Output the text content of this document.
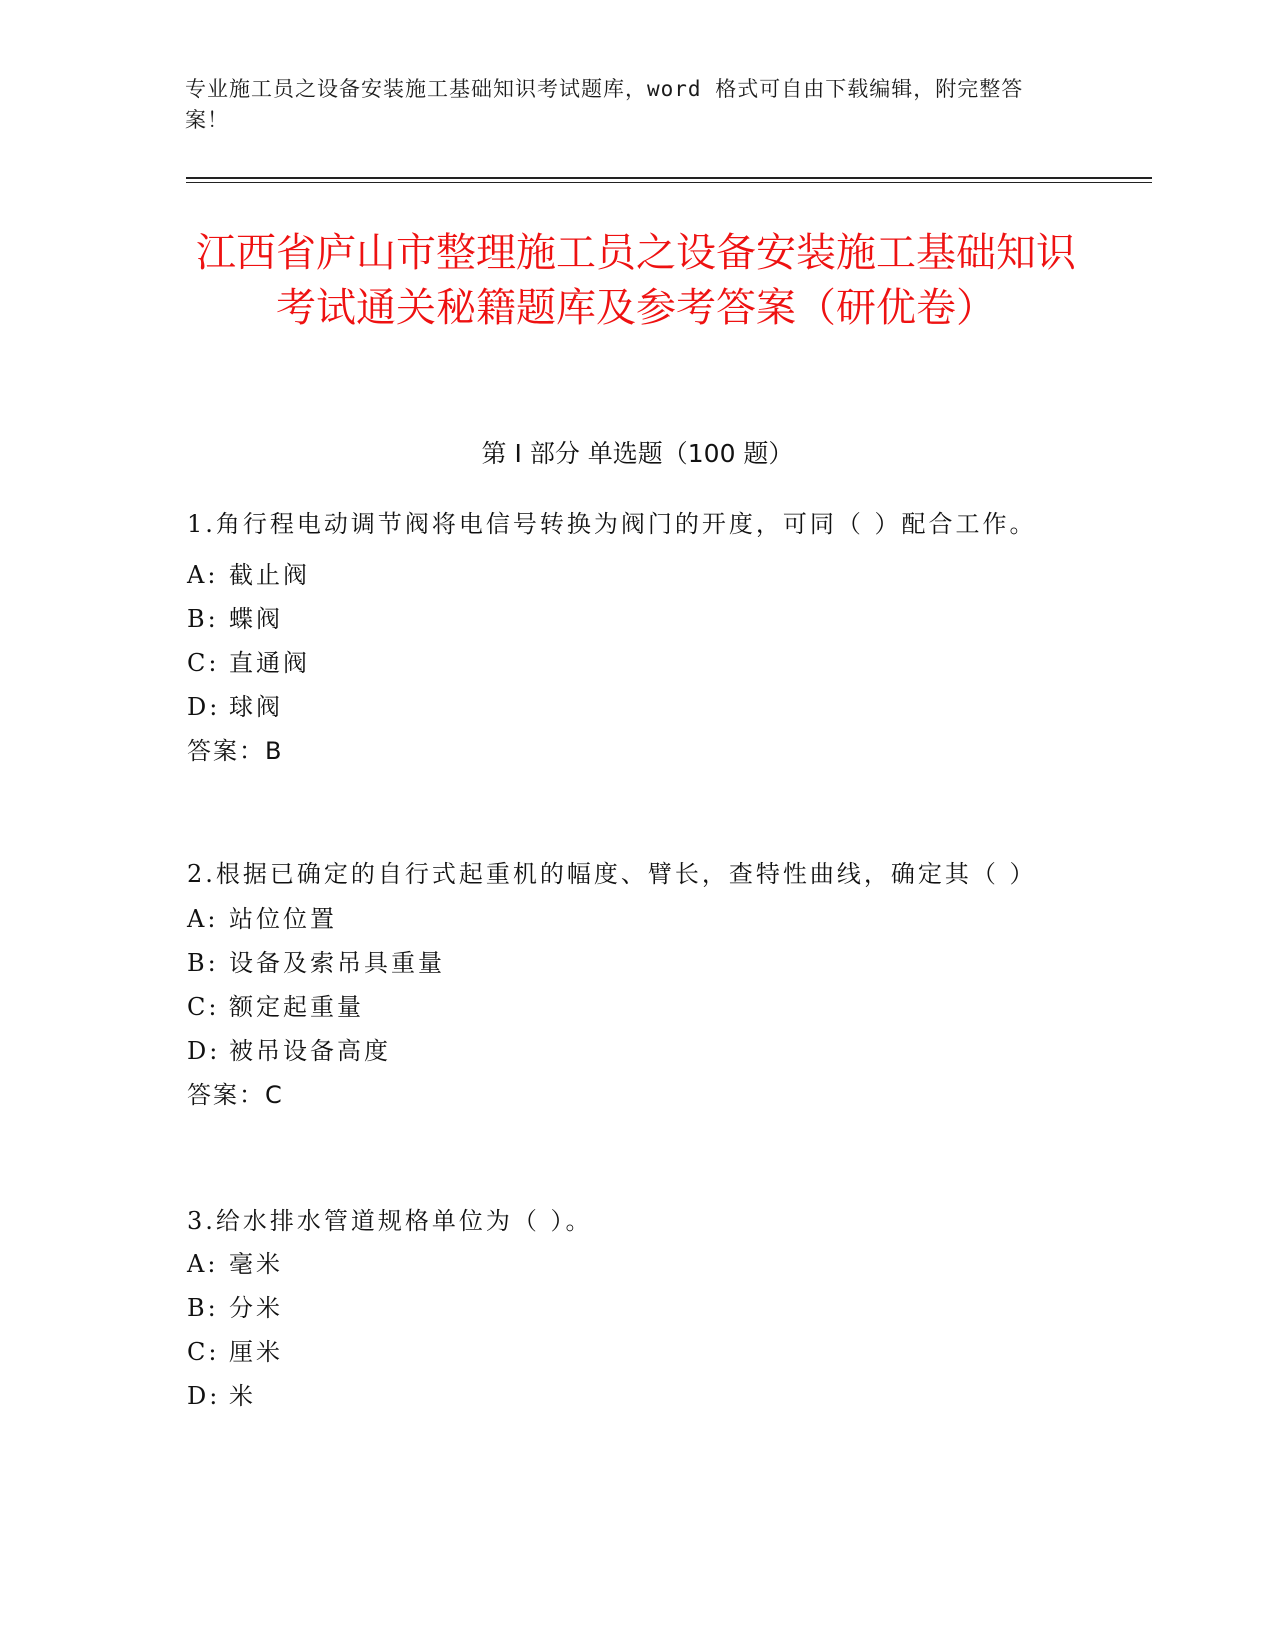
专业施工员之设备安装施工基础知识考试题库，word 格式可自由下载编辑，附完整答案！
江西省庐山市整理施工员之设备安装施工基础知识考试通关秘籍题库及参考答案（研优卷）
第 I 部分 单选题（100 题）

1.角行程电动调节阀将电信号转换为阀门的开度，可同（ ）配合工作。

A: 截止阀
B: 蝶阀
C: 直通阀
D: 球阀
答案：B

2.根据已确定的自行式起重机的幅度、臂长，查特性曲线，确定其（ ）

A: 站位位置
B: 设备及索吊具重量
C: 额定起重量
D: 被吊设备高度
答案：C

3.给水排水管道规格单位为（ ）。

A: 毫米
B: 分米
C: 厘米
D: 米
